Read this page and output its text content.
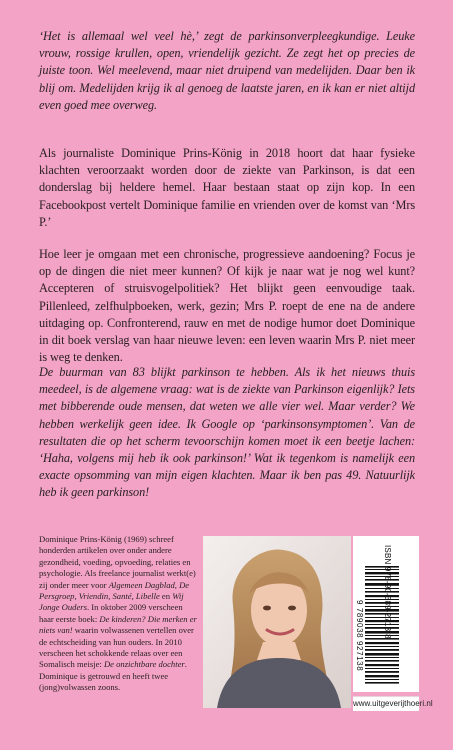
‘Het is allemaal wel veel hè,’ zegt de parkinsonverpleegkundige. Leuke vrouw, rossige krullen, open, vriendelijk gezicht. Ze zegt het op precies de juiste toon. Wel meelevend, maar niet druipend van medelijden. Daar ben ik blij om. Medelijden krijg ik al genoeg de laatste jaren, en ik kan er niet altijd even goed mee overweg.

Als journaliste Dominique Prins-König in 2018 hoort dat haar fysieke klachten veroorzaakt worden door de ziekte van Parkinson, is dat een donderslag bij heldere hemel. Haar bestaan staat op zijn kop. In een Facebookpost vertelt Dominique familie en vrienden over de komst van ‘Mrs P.’

Hoe leer je omgaan met een chronische, progressieve aandoening? Focus je op de dingen die niet meer kunnen? Of kijk je naar wat je nog wel kunt? Accepteren of struisvogelpolitiek? Het blijkt geen eenvoudige taak. Pillenleed, zelfhulpboeken, werk, gezin; Mrs P. roept de ene na de andere uitdaging op. Confronterend, rauw en met de nodige humor doet Dominique in dit boek verslag van haar nieuwe leven: een leven waarin Mrs P. niet meer is weg te denken.

De buurman van 83 blijkt parkinson te hebben. Als ik het nieuws thuis meedeel, is de algemene vraag: wat is de ziekte van Parkinson eigenlijk? Iets met bibberende oude mensen, dat weten we alle vier wel. Maar verder? We hebben werkelijk geen idee. Ik Google op ‘parkinsonsymptomen’. Van de resultaten die op het scherm tevoorschijn komen moet ik een beetje lachen: ‘Haha, volgens mij heb ik ook parkinson!’ Wat ik tegenkom is namelijk een exacte opsomming van mijn eigen klachten. Maar ik ben pas 49. Natuurlijk heb ik geen parkinson!

Dominique Prins-König (1969) schreef honderden artikelen over onder andere gezondheid, voeding, opvoeding, relaties en psychologie. Als freelance journalist werkt(e) zij onder meer voor Algemeen Dagblad, De Persgroep, Vriendin, Santé, Libelle en Wij Jonge Ouders. In oktober 2009 verscheen haar eerste boek: De kinderen? Die merken er niets van! waarin volwassenen vertellen over de echtscheiding van hun ouders. In 2010 verscheen het schokkende relaas over een Somalisch meisje: De onzichtbare dochter. Dominique is getrouwd en heeft twee (jong)volwassen zoons.

ISBN 978-90-389-2713-8
9 789038 927138
www.uitgeverijthoeri.nl
